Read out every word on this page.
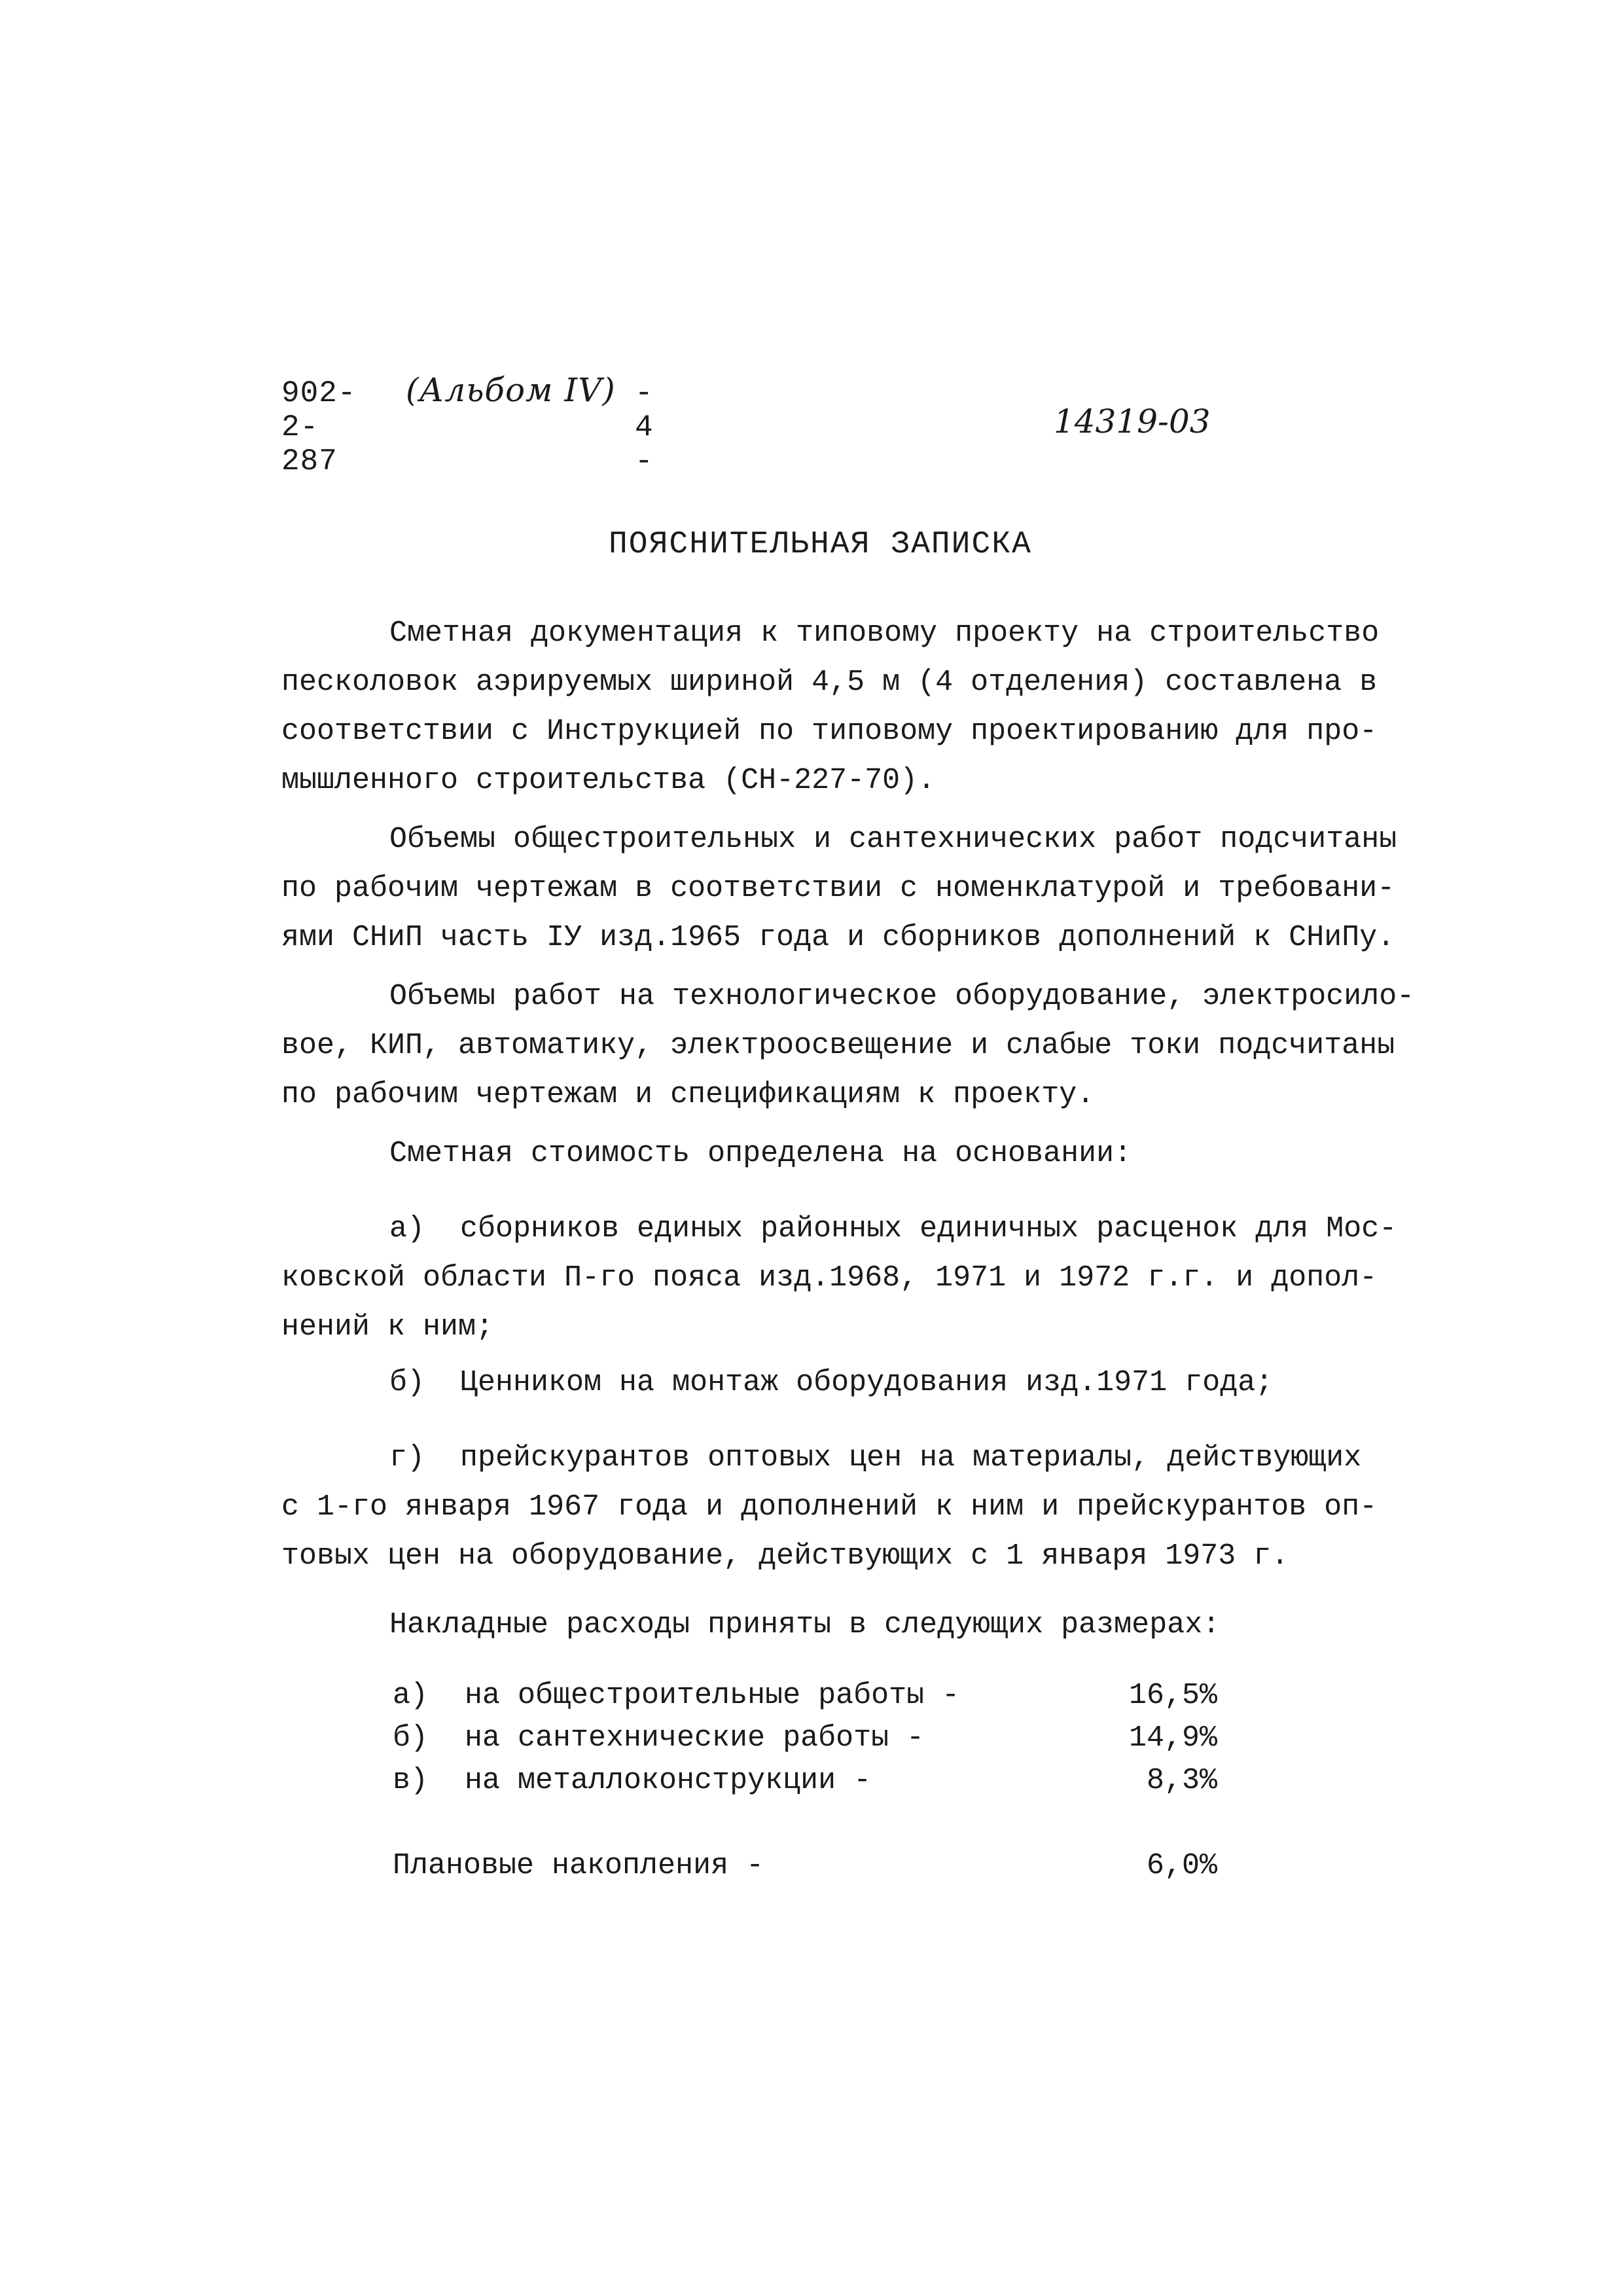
902-2-287
(Альбом IV) - 4 -
14319-03
ПОЯСНИТЕЛЬНАЯ ЗАПИСКА
Сметная документация к типовому проекту на строительство
песколовок аэрируемых шириной 4,5 м (4 отделения) составлена в
соответствии с Инструкцией по типовому проектированию для про-
мышленного строительства (СН-227-70).
Объемы общестроительных и сантехнических работ подсчитаны
по рабочим чертежам в соответствии с номенклатурой и требовани-
ями СНиП часть IУ изд.1965 года и сборников дополнений к СНиПу.
Объемы работ на технологическое оборудование, электросило-
вое, КИП, автоматику, электроосвещение и слабые токи подсчитаны
по рабочим чертежам и спецификациям к проекту.
Сметная стоимость определена на основании:
а)  сборников единых районных единичных расценок для Мос-
ковской области П-го пояса изд.1968, 1971 и 1972 г.г. и допол-
нений к ним;
б)  Ценником на монтаж оборудования изд.1971 года;
г)  прейскурантов оптовых цен на материалы, действующих
с 1-го января 1967 года и дополнений к ним и прейскурантов оп-
товых цен на оборудование, действующих с 1 января 1973 г.
Накладные расходы приняты в следующих размерах:
а) на общестроительные работы -	16,5%
б) на сантехнические работы -	14,9%
в) на металлоконструкции -	8,3%
Плановые накопления -	6,0%
